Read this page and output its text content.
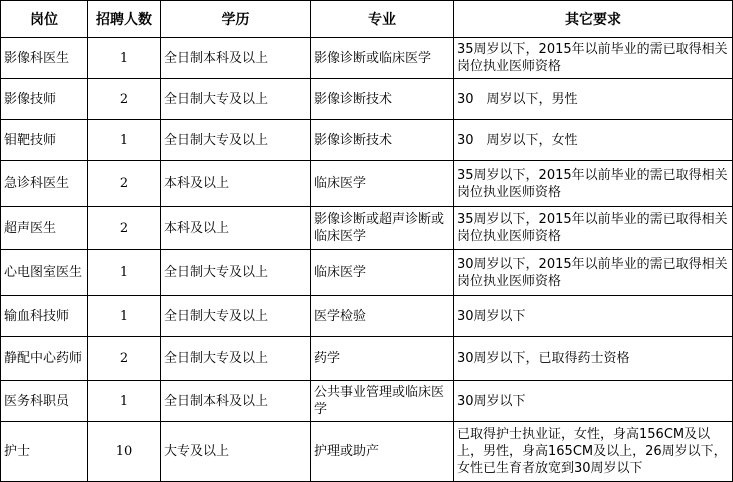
岗位	招聘人数	学历	专业	其它要求
影像科医生	1	全日制本科及以上	影像诊断或临床医学	35周岁以下，2015年以前毕业的需已取得相关岗位执业医师资格
影像技师	2	全日制大专及以上	影像诊断技术	30　周岁以下，男性
钼靶技师	1	全日制大专及以上	影像诊断技术	30　周岁以下，女性
急诊科医生	2	本科及以上	临床医学	35周岁以下，2015年以前毕业的需已取得相关岗位执业医师资格
超声医生	2	本科及以上	影像诊断或超声诊断或临床医学	35周岁以下，2015年以前毕业的需已取得相关岗位执业医师资格
心电图室医生	1	全日制大专及以上	临床医学	30周岁以下，2015年以前毕业的需已取得相关岗位执业医师资格
输血科技师	1	全日制大专及以上	医学检验	30周岁以下
静配中心药师	2	全日制大专及以上	药学	30周岁以下，已取得药士资格
医务科职员	1	全日制本科及以上	公共事业管理或临床医学	30周岁以下
护士	10	大专及以上	护理或助产	已取得护士执业证，女性，身高156CM及以上，男性，身高165CM及以上，26周岁以下，女性已生育者放宽到30周岁以下
